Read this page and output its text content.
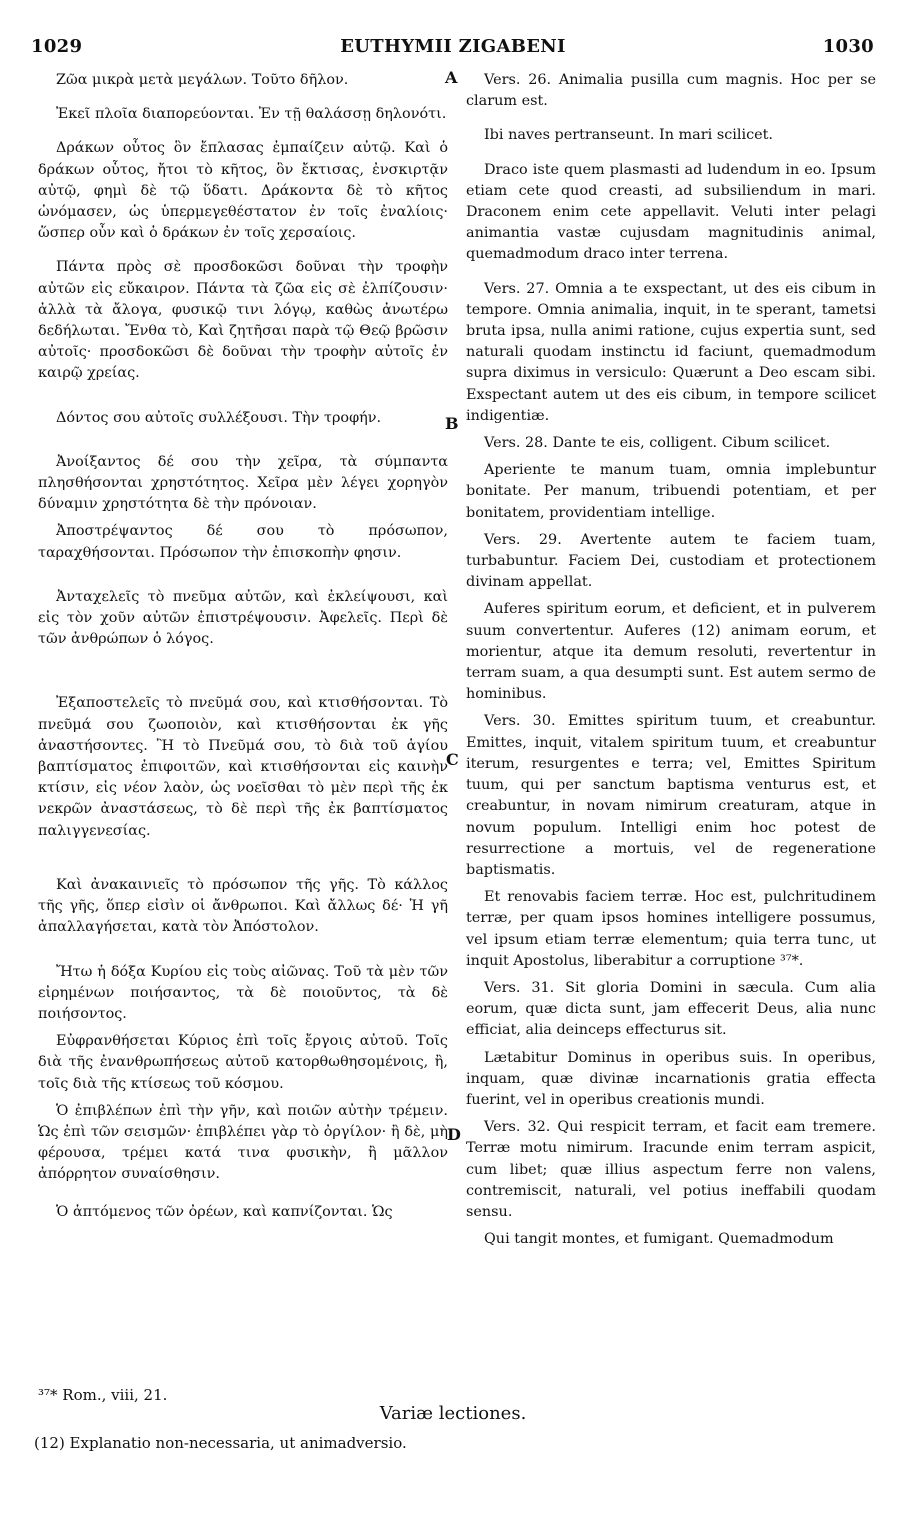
1029	EUTHYMII ZIGABENI	1030
A
B
C
D

Ζῶα μικρὰ μετὰ μεγάλων. Τοῦτο δῆλον.

Ἐκεῖ πλοῖα διαπορεύονται. Ἐν τῇ θαλάσσῃ δηλονότι.

Δράκων οὗτος ὃν ἔπλασας ἐμπαίζειν αὐτῷ. Καὶ ὁ δράκων οὗτος, ἤτοι τὸ κῆτος, ὃν ἔκτισας, ἐνσκιρτᾷν αὐτῷ, φημὶ δὲ τῷ ὕδατι. Δράκοντα δὲ τὸ κῆτος ὠνόμασεν, ὡς ὑπερμεγεθέστατον ἐν τοῖς ἐναλίοις· ὥσπερ οὖν καὶ ὁ δράκων ἐν τοῖς χερσαίοις.

Πάντα πρὸς σὲ προσδοκῶσι δοῦναι τὴν τροφὴν αὐτῶν εἰς εὔκαιρον. Πάντα τὰ ζῶα εἰς σὲ ἐλπίζουσιν· ἀλλὰ τὰ ἄλογα, φυσικῷ τινι λόγῳ, καθὼς ἀνωτέρω δεδήλωται. Ἔνθα τὸ, Καὶ ζητῆσαι παρὰ τῷ Θεῷ βρῶσιν αὐτοῖς· προσδοκῶσι δὲ δοῦναι τὴν τροφὴν αὐτοῖς ἐν καιρῷ χρείας.

Δόντος σου αὐτοῖς συλλέξουσι. Τὴν τροφήν.

Ἀνοίξαντος δέ σου τὴν χεῖρα, τὰ σύμπαντα πλησθήσονται χρηστότητος. Χεῖρα μὲν λέγει χορηγὸν δύναμιν χρηστότητα δὲ τὴν πρόνοιαν.

Ἀποστρέψαντος δέ σου τὸ πρόσωπον, ταραχθήσονται. Πρόσωπον τὴν ἐπισκοπὴν φησιν.

Ἀνταχελεῖς τὸ πνεῦμα αὐτῶν, καὶ ἐκλείψουσι, καὶ εἰς τὸν χοῦν αὐτῶν ἐπιστρέψουσιν. Ἀφελεῖς. Περὶ δὲ τῶν ἀνθρώπων ὁ λόγος.

Ἐξαποστελεῖς τὸ πνεῦμά σου, καὶ κτισθήσονται. Τὸ πνεῦμά σου ζωοποιὸν, καὶ κτισθήσονται ἐκ γῆς ἀναστήσοντες. Ἢ τὸ Πνεῦμά σου, τὸ διὰ τοῦ ἁγίου βαπτίσματος ἐπιφοιτῶν, καὶ κτισθήσονται εἰς καινὴν κτίσιν, εἰς νέον λαὸν, ὡς νοεῖσθαι τὸ μὲν περὶ τῆς ἐκ νεκρῶν ἀναστάσεως, τὸ δὲ περὶ τῆς ἐκ βαπτίσματος παλιγγενεσίας.

Καὶ ἀνακαινιεῖς τὸ πρόσωπον τῆς γῆς. Τὸ κάλλος τῆς γῆς, ὅπερ εἰσὶν οἱ ἄνθρωποι. Καὶ ἄλλως δέ· Ἡ γῆ ἀπαλλαγήσεται, κατὰ τὸν Ἀπόστολον.

Ἤτω ἡ δόξα Κυρίου εἰς τοὺς αἰῶνας. Τοῦ τὰ μὲν τῶν εἰρημένων ποιήσαντος, τὰ δὲ ποιοῦντος, τὰ δὲ ποιήσοντος.

Εὐφρανθήσεται Κύριος ἐπὶ τοῖς ἔργοις αὐτοῦ. Τοῖς διὰ τῆς ἐνανθρωπήσεως αὐτοῦ κατορθωθησομένοις, ἢ, τοῖς διὰ τῆς κτίσεως τοῦ κόσμου.

Ὁ ἐπιβλέπων ἐπὶ τὴν γῆν, καὶ ποιῶν αὐτὴν τρέμειν. Ὡς ἐπὶ τῶν σεισμῶν· ἐπιβλέπει γὰρ τὸ ὀργίλον· ἢ δὲ, μὴ φέρουσα, τρέμει κατά τινα φυσικὴν, ἢ μᾶλλον ἀπόρρητον συναίσθησιν.

Ὁ ἁπτόμενος τῶν ὀρέων, καὶ καπνίζονται. Ὡς

Vers. 26. Animalia pusilla cum magnis. Hoc per se clarum est.

Ibi naves pertranseunt. In mari scilicet.

Draco iste quem plasmasti ad ludendum in eo. Ipsum etiam cete quod creasti, ad subsiliendum in mari. Draconem enim cete appellavit. Veluti inter pelagi animantia vastæ cujusdam magnitudinis animal, quemadmodum draco inter terrena.

Vers. 27. Omnia a te exspectant, ut des eis cibum in tempore. Omnia animalia, inquit, in te sperant, tametsi bruta ipsa, nulla animi ratione, cujus expertia sunt, sed naturali quodam instinctu id faciunt, quemadmodum supra diximus in versiculo: Quærunt a Deo escam sibi. Exspectant autem ut des eis cibum, in tempore scilicet indigentiæ.

Vers. 28. Dante te eis, colligent. Cibum scilicet.

Aperiente te manum tuam, omnia implebuntur bonitate. Per manum, tribuendi potentiam, et per bonitatem, providentiam intellige.

Vers. 29. Avertente autem te faciem tuam, turbabuntur. Faciem Dei, custodiam et protectionem divinam appellat.

Auferes spiritum eorum, et deficient, et in pulverem suum convertentur. Auferes (12) animam eorum, et morientur, atque ita demum resoluti, revertentur in terram suam, a qua desumpti sunt. Est autem sermo de hominibus.

Vers. 30. Emittes spiritum tuum, et creabuntur. Emittes, inquit, vitalem spiritum tuum, et creabuntur iterum, resurgentes e terra; vel, Emittes Spiritum tuum, qui per sanctum baptisma venturus est, et creabuntur, in novam nimirum creaturam, atque in novum populum. Intelligi enim hoc potest de resurrectione a mortuis, vel de regeneratione baptismatis.

Et renovabis faciem terræ. Hoc est, pulchritudinem terræ, per quam ipsos homines intelligere possumus, vel ipsum etiam terræ elementum; quia terra tunc, ut inquit Apostolus, liberabitur a corruptione ³⁷*.

Vers. 31. Sit gloria Domini in sæcula. Cum alia eorum, quæ dicta sunt, jam effecerit Deus, alia nunc efficiat, alia deinceps effecturus sit.

Lætabitur Dominus in operibus suis. In operibus, inquam, quæ divinæ incarnationis gratia effecta fuerint, vel in operibus creationis mundi.

Vers. 32. Qui respicit terram, et facit eam tremere. Terræ motu nimirum. Iracunde enim terram aspicit, cum libet; quæ illius aspectum ferre non valens, contremiscit, naturali, vel potius ineffabili quodam sensu.

Qui tangit montes, et fumigant. Quemadmodum

³⁷* Rom., viii, 21.
Variæ lectiones.
(12) Explanatio non-necessaria, ut animadversio.
